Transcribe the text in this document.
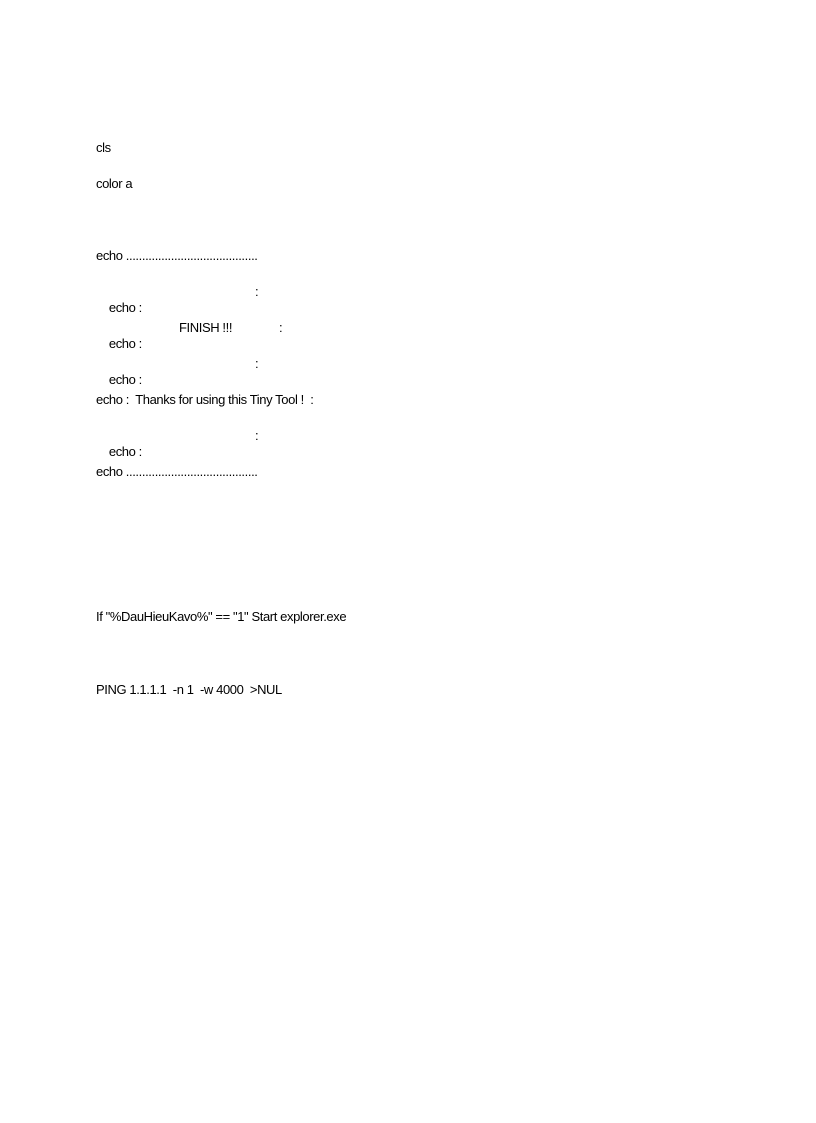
cls
color a
echo .........................................

echo :

:

echo :

FINISH !!!

	:

echo :

:

echo :  Thanks for using this Tiny Tool !  :

echo :

:

echo .........................................
If "%DauHieuKavo%" == "1" Start explorer.exe
PING 1.1.1.1  -n 1  -w 4000  >NUL
